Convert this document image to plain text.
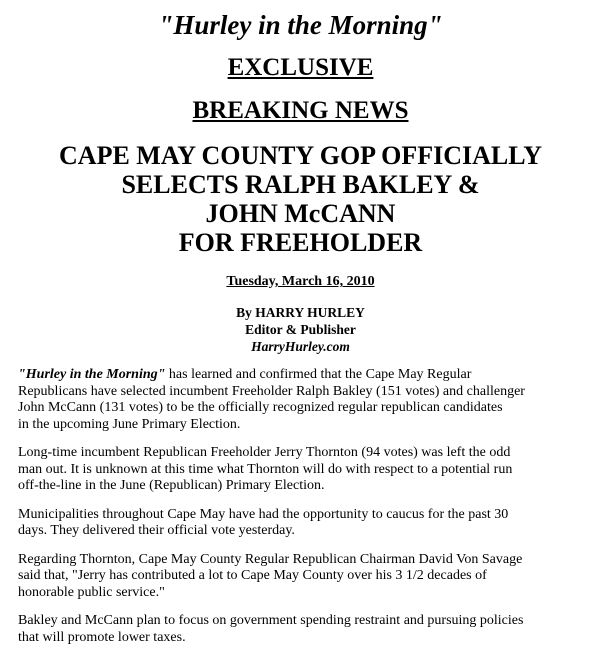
"Hurley in the Morning"
EXCLUSIVE
BREAKING NEWS
CAPE MAY COUNTY GOP OFFICIALLY
SELECTS RALPH BAKLEY &
JOHN McCANN
FOR FREEHOLDER
Tuesday, March 16, 2010
By HARRY HURLEY
Editor & Publisher
HarryHurley.com

"Hurley in the Morning" has learned and confirmed that the Cape May Regular
Republicans have selected incumbent Freeholder Ralph Bakley (151 votes) and challenger
John McCann (131 votes) to be the officially recognized regular republican candidates
in the upcoming June Primary Election.

Long-time incumbent Republican Freeholder Jerry Thornton (94 votes) was left the odd
man out. It is unknown at this time what Thornton will do with respect to a potential run
off-the-line in the June (Republican) Primary Election.

Municipalities throughout Cape May have had the opportunity to caucus for the past 30
days. They delivered their official vote yesterday.

Regarding Thornton, Cape May County Regular Republican Chairman David Von Savage
said that, "Jerry has contributed a lot to Cape May County over his 3 1/2 decades of
honorable public service."

Bakley and McCann plan to focus on government spending restraint and pursuing policies
that will promote lower taxes.
